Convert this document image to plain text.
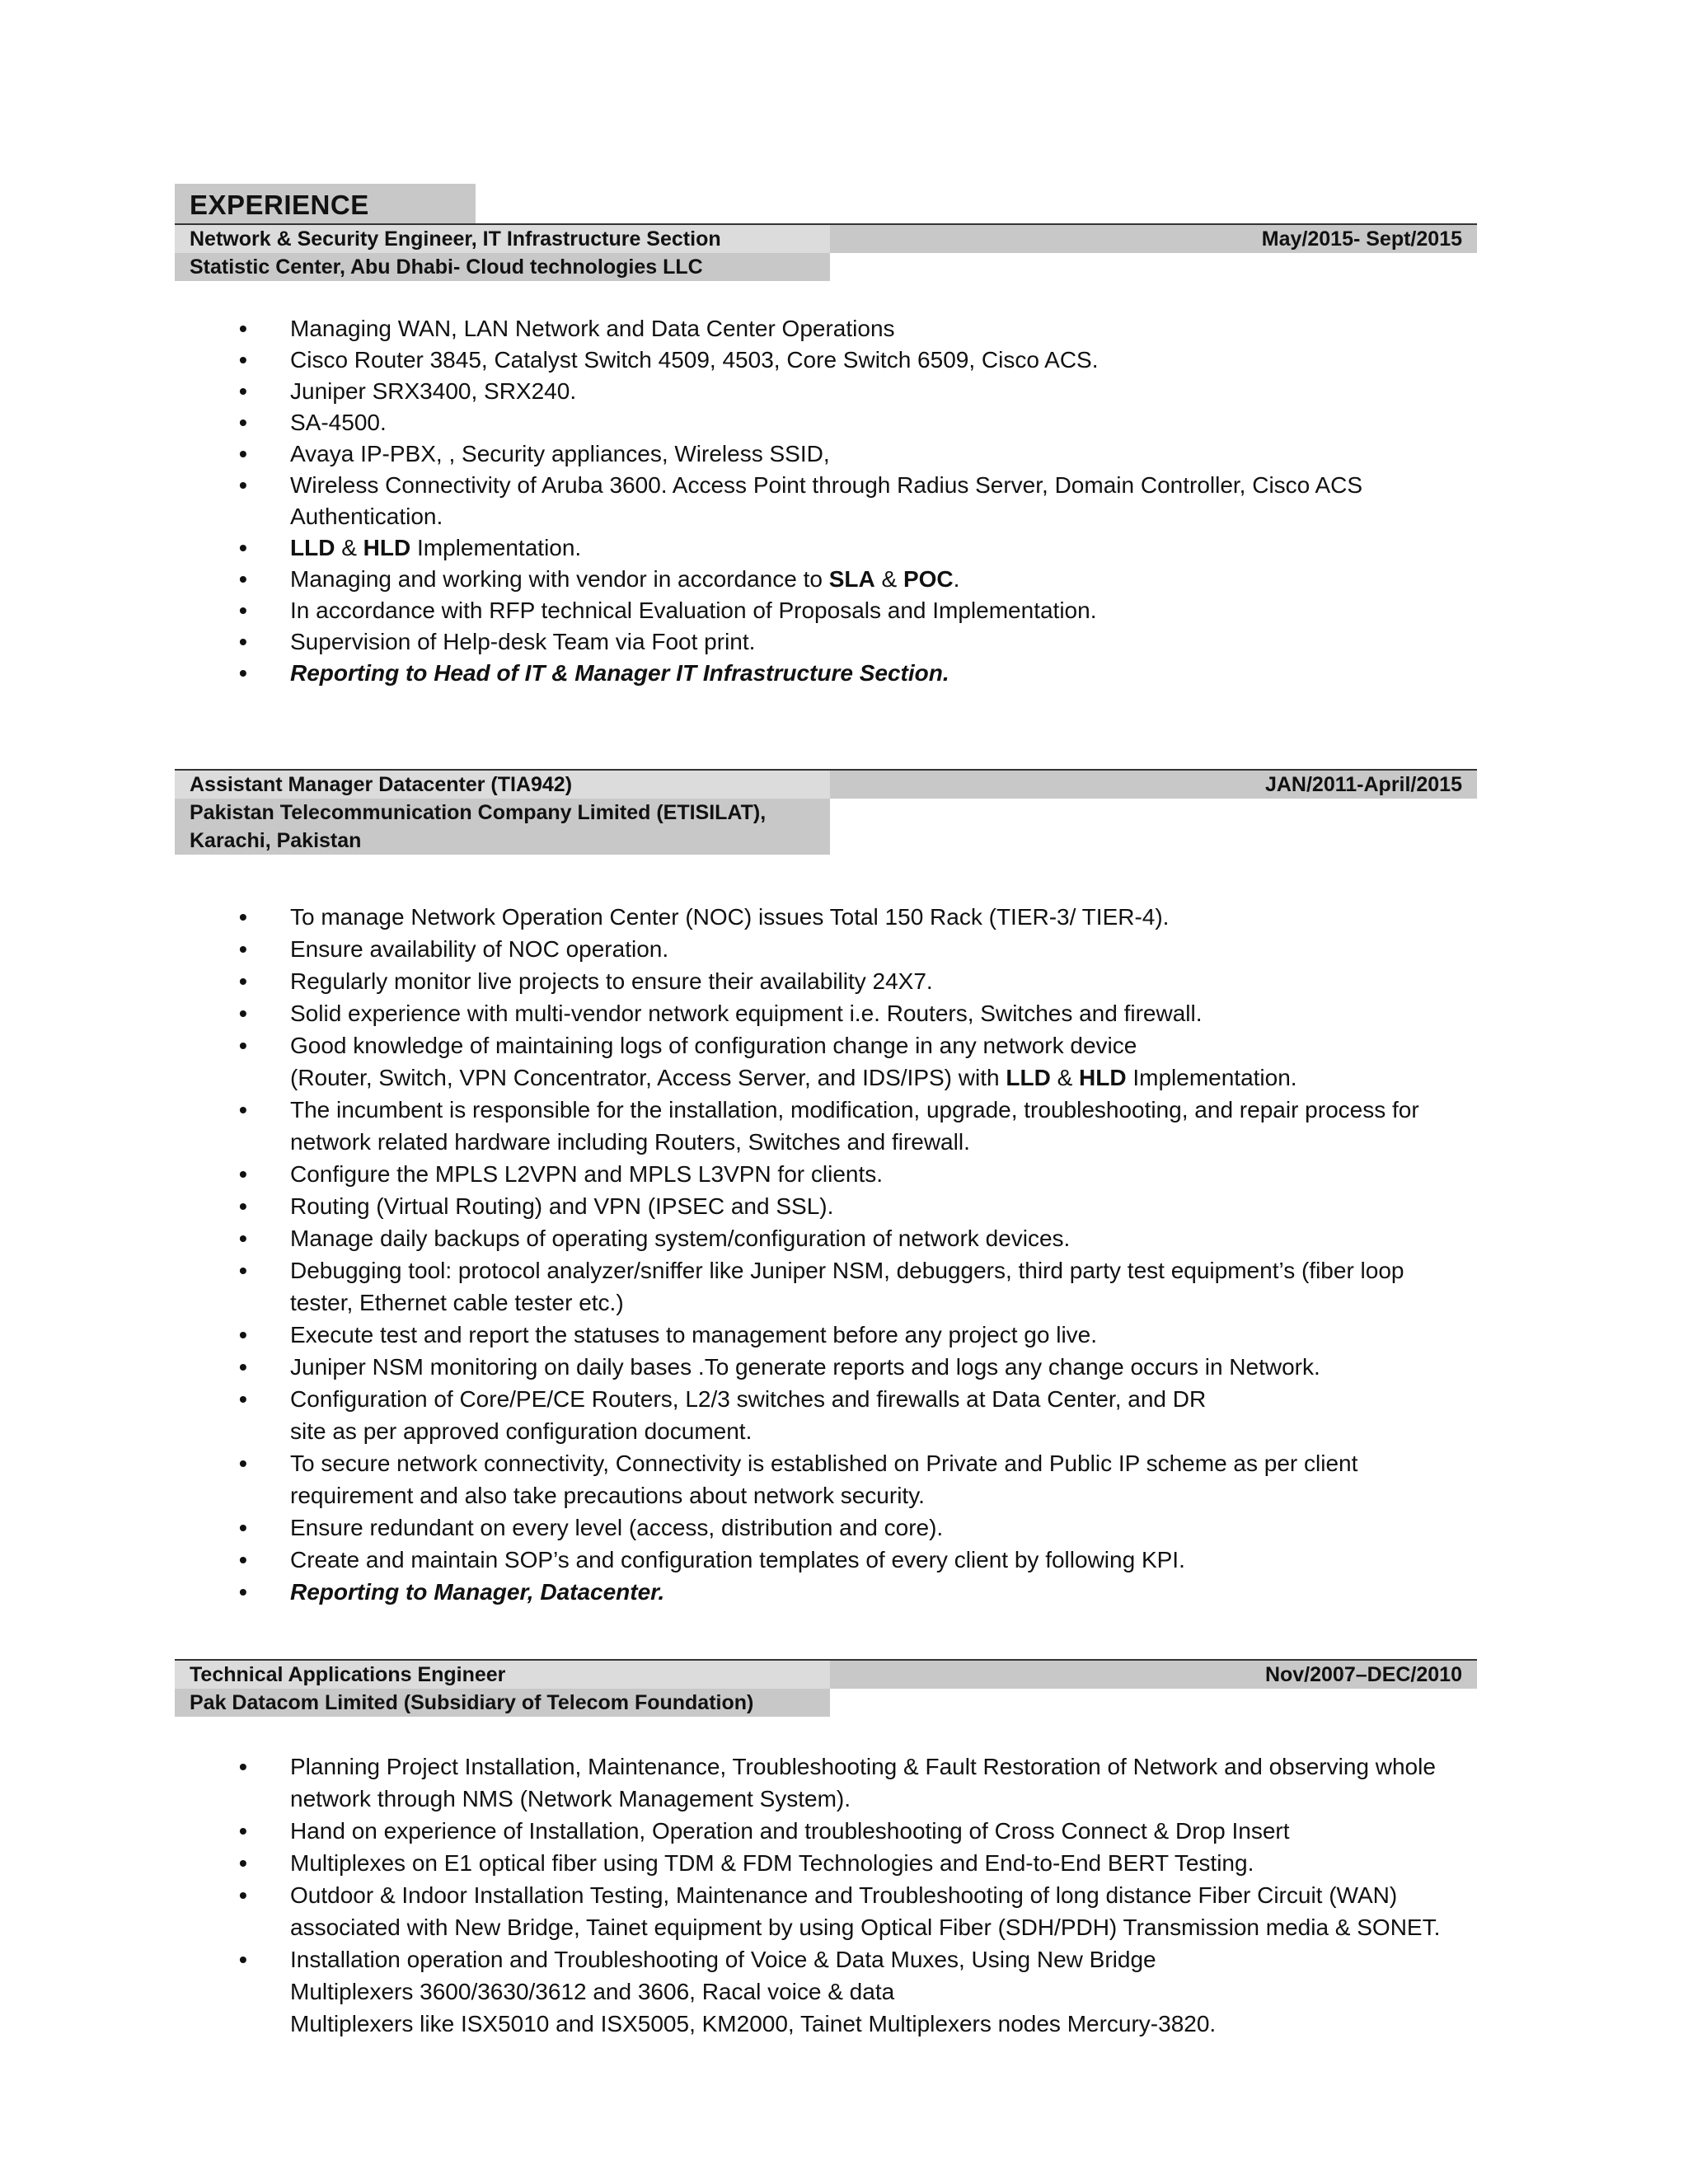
EXPERIENCE
Network & Security Engineer, IT Infrastructure Section	May/2015- Sept/2015
Statistic Center, Abu Dhabi- Cloud technologies LLC
• Managing WAN, LAN Network and Data Center Operations
• Cisco Router 3845, Catalyst Switch 4509, 4503, Core Switch 6509, Cisco ACS.
• Juniper SRX3400, SRX240.
• SA-4500.
• Avaya IP-PBX, , Security appliances, Wireless SSID,
• Wireless Connectivity of Aruba 3600. Access Point through Radius Server, Domain Controller, Cisco ACS
Authentication.
• LLD & HLD Implementation.
• Managing and working with vendor in accordance to SLA & POC.
• In accordance with RFP technical Evaluation of Proposals and Implementation.
• Supervision of Help-desk Team via Foot print.
• Reporting to Head of IT & Manager IT Infrastructure Section.
Assistant Manager Datacenter (TIA942)	JAN/2011-April/2015
Pakistan Telecommunication Company Limited (ETISILAT),
Karachi, Pakistan
• To manage Network Operation Center (NOC) issues Total 150 Rack (TIER-3/ TIER-4).
• Ensure availability of NOC operation.
• Regularly monitor live projects to ensure their availability 24X7.
• Solid experience with multi-vendor network equipment i.e. Routers, Switches and firewall.
• Good knowledge of maintaining logs of configuration change in any network device
(Router, Switch, VPN Concentrator, Access Server, and IDS/IPS) with LLD & HLD Implementation.
• The incumbent is responsible for the installation, modification, upgrade, troubleshooting, and repair process for
network related hardware including Routers, Switches and firewall.
• Configure the MPLS L2VPN and MPLS L3VPN for clients.
• Routing (Virtual Routing) and VPN (IPSEC and SSL).
• Manage daily backups of operating system/configuration of network devices.
• Debugging tool: protocol analyzer/sniffer like Juniper NSM, debuggers, third party test equipment’s (fiber loop
tester, Ethernet cable tester etc.)
• Execute test and report the statuses to management before any project go live.
• Juniper NSM monitoring on daily bases .To generate reports and logs any change occurs in Network.
• Configuration of Core/PE/CE Routers, L2/3 switches and firewalls at Data Center, and DR
site as per approved configuration document.
• To secure network connectivity, Connectivity is established on Private and Public IP scheme as per client
requirement and also take precautions about network security.
• Ensure redundant on every level (access, distribution and core).
• Create and maintain SOP’s and configuration templates of every client by following KPI.
• Reporting to Manager, Datacenter.
Technical Applications Engineer	Nov/2007–DEC/2010
Pak Datacom Limited (Subsidiary of Telecom Foundation)
• Planning Project Installation, Maintenance, Troubleshooting & Fault Restoration of Network and observing whole
network through NMS (Network Management System).
• Hand on experience of Installation, Operation and troubleshooting of Cross Connect & Drop Insert
• Multiplexes on E1 optical fiber using TDM & FDM Technologies and End-to-End BERT Testing.
• Outdoor & Indoor Installation Testing, Maintenance and Troubleshooting of long distance Fiber Circuit (WAN)
associated with New Bridge, Tainet equipment by using Optical Fiber (SDH/PDH) Transmission media & SONET.
• Installation operation and Troubleshooting of Voice & Data Muxes, Using New Bridge
Multiplexers 3600/3630/3612 and 3606, Racal voice & data
Multiplexers like ISX5010 and ISX5005, KM2000, Tainet Multiplexers nodes Mercury-3820.
